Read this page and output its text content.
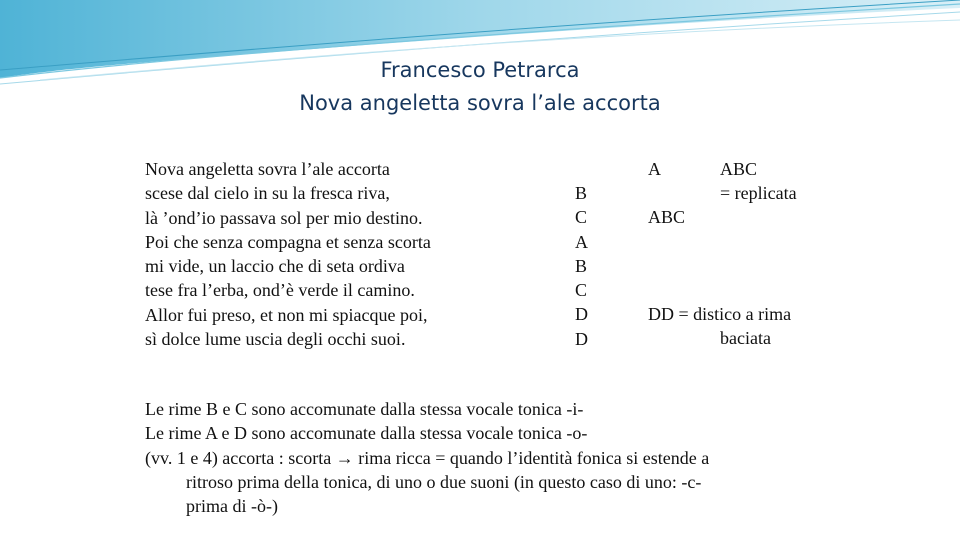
Francesco Petrarca
Nova angeletta sovra l’ale accorta
Nova angeletta sovra l’ale accorta
scese dal cielo in su la fresca riva,
là ’ond’io passava sol per mio destino.
Poi che senza compagna et senza scorta
mi vide, un laccio che di seta ordiva
tese fra l’erba, ond’è verde il camino.
Allor fui preso, et non mi spiacque poi,
sì dolce lume uscia degli occhi suoi.
A
B
C
A
B
C
D
D
ABC
= replicata
ABC
DD = distico a rima
baciata
Le rime B e C sono accomunate dalla stessa vocale tonica -i-
Le rime A e D sono accomunate dalla stessa vocale tonica -o-
(vv. 1 e 4) accorta : scorta → rima ricca = quando l’identità fonica si estende a
ritroso prima della tonica, di uno o due suoni (in questo caso di uno: -c-
prima di -ò-)
